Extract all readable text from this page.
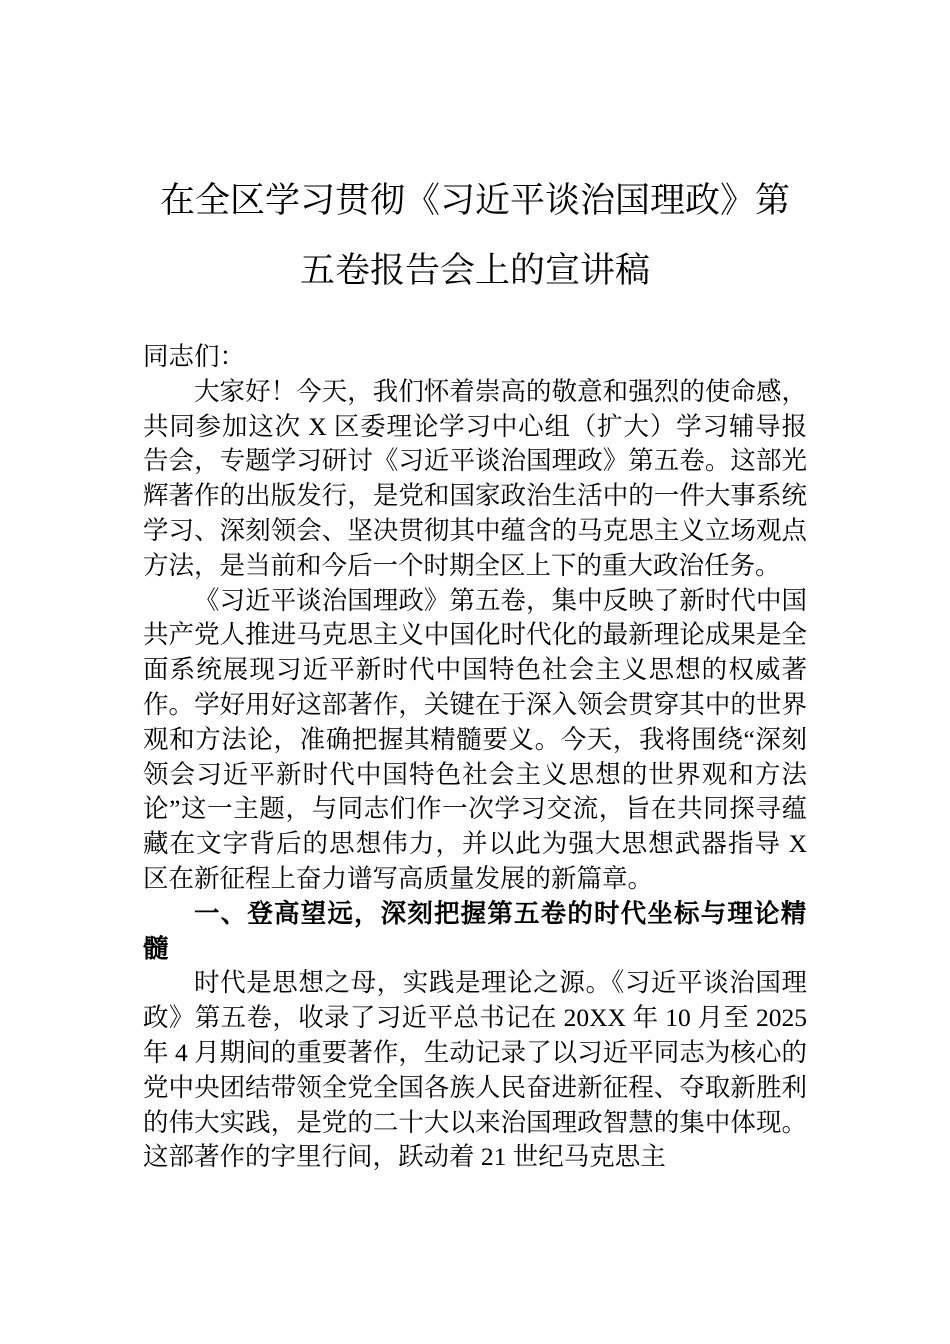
在全区学习贯彻《习近平谈治国理政》第
五卷报告会上的宣讲稿

同志们：

大家好！今天，我们怀着崇高的敬意和强烈的使命感，共同参加这次 X 区委理论学习中心组（扩大）学习辅导报告会，专题学习研讨《习近平谈治国理政》第五卷。这部光辉著作的出版发行，是党和国家政治生活中的一件大事系统学习、深刻领会、坚决贯彻其中蕴含的马克思主义立场观点方法，是当前和今后一个时期全区上下的重大政治任务。

《习近平谈治国理政》第五卷，集中反映了新时代中国共产党人推进马克思主义中国化时代化的最新理论成果是全面系统展现习近平新时代中国特色社会主义思想的权威著作。学好用好这部著作，关键在于深入领会贯穿其中的世界观和方法论，准确把握其精髓要义。今天，我将围绕“深刻领会习近平新时代中国特色社会主义思想的世界观和方法论”这一主题，与同志们作一次学习交流，旨在共同探寻蕴藏在文字背后的思想伟力，并以此为强大思想武器指导 X 区在新征程上奋力谱写高质量发展的新篇章。

一、登高望远，深刻把握第五卷的时代坐标与理论精髓

时代是思想之母，实践是理论之源。《习近平谈治国理政》第五卷，收录了习近平总书记在 20XX 年 10 月至 2025 年 4 月期间的重要著作，生动记录了以习近平同志为核心的党中央团结带领全党全国各族人民奋进新征程、夺取新胜利的伟大实践，是党的二十大以来治国理政智慧的集中体现。这部著作的字里行间，跃动着 21 世纪马克思主
